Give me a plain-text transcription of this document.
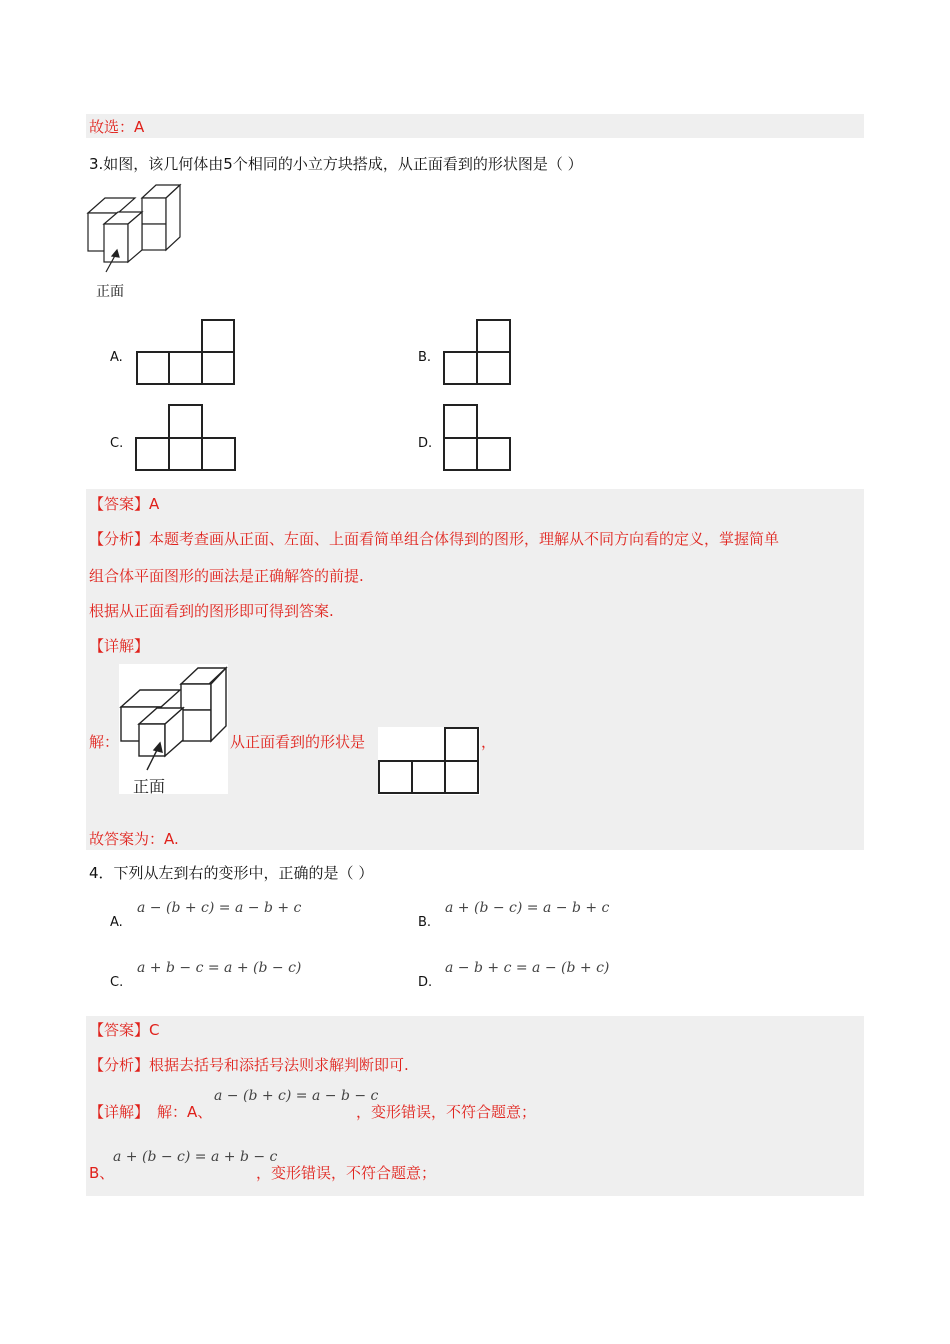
故选：A
3.如图，该几何体由5个相同的小立方块搭成，从正面看到的形状图是（ ）
正面
A.	B.
C.	D.
【答案】A
【分析】本题考查画从正面、左面、上面看简单组合体得到的图形，理解从不同方向看的定义，掌握简单
组合体平面图形的画法是正确解答的前提.
根据从正面看到的图形即可得到答案.
【详解】
解：
正面
从正面看到的形状是	，
故答案为：A.
4．下列从左到右的变形中，正确的是（ ）
A.
a − (b + c) = a − b + c
B.
a + (b − c) = a − b + c
C.
a + b − c = a + (b − c)
D.
a − b + c = a − (b + c)
【答案】C
【分析】根据去括号和添括号法则求解判断即可.
【详解】 解：A、
a − (b + c) = a − b − c
，变形错误，不符合题意；
B、
a + (b − c) = a + b − c
，变形错误，不符合题意；
